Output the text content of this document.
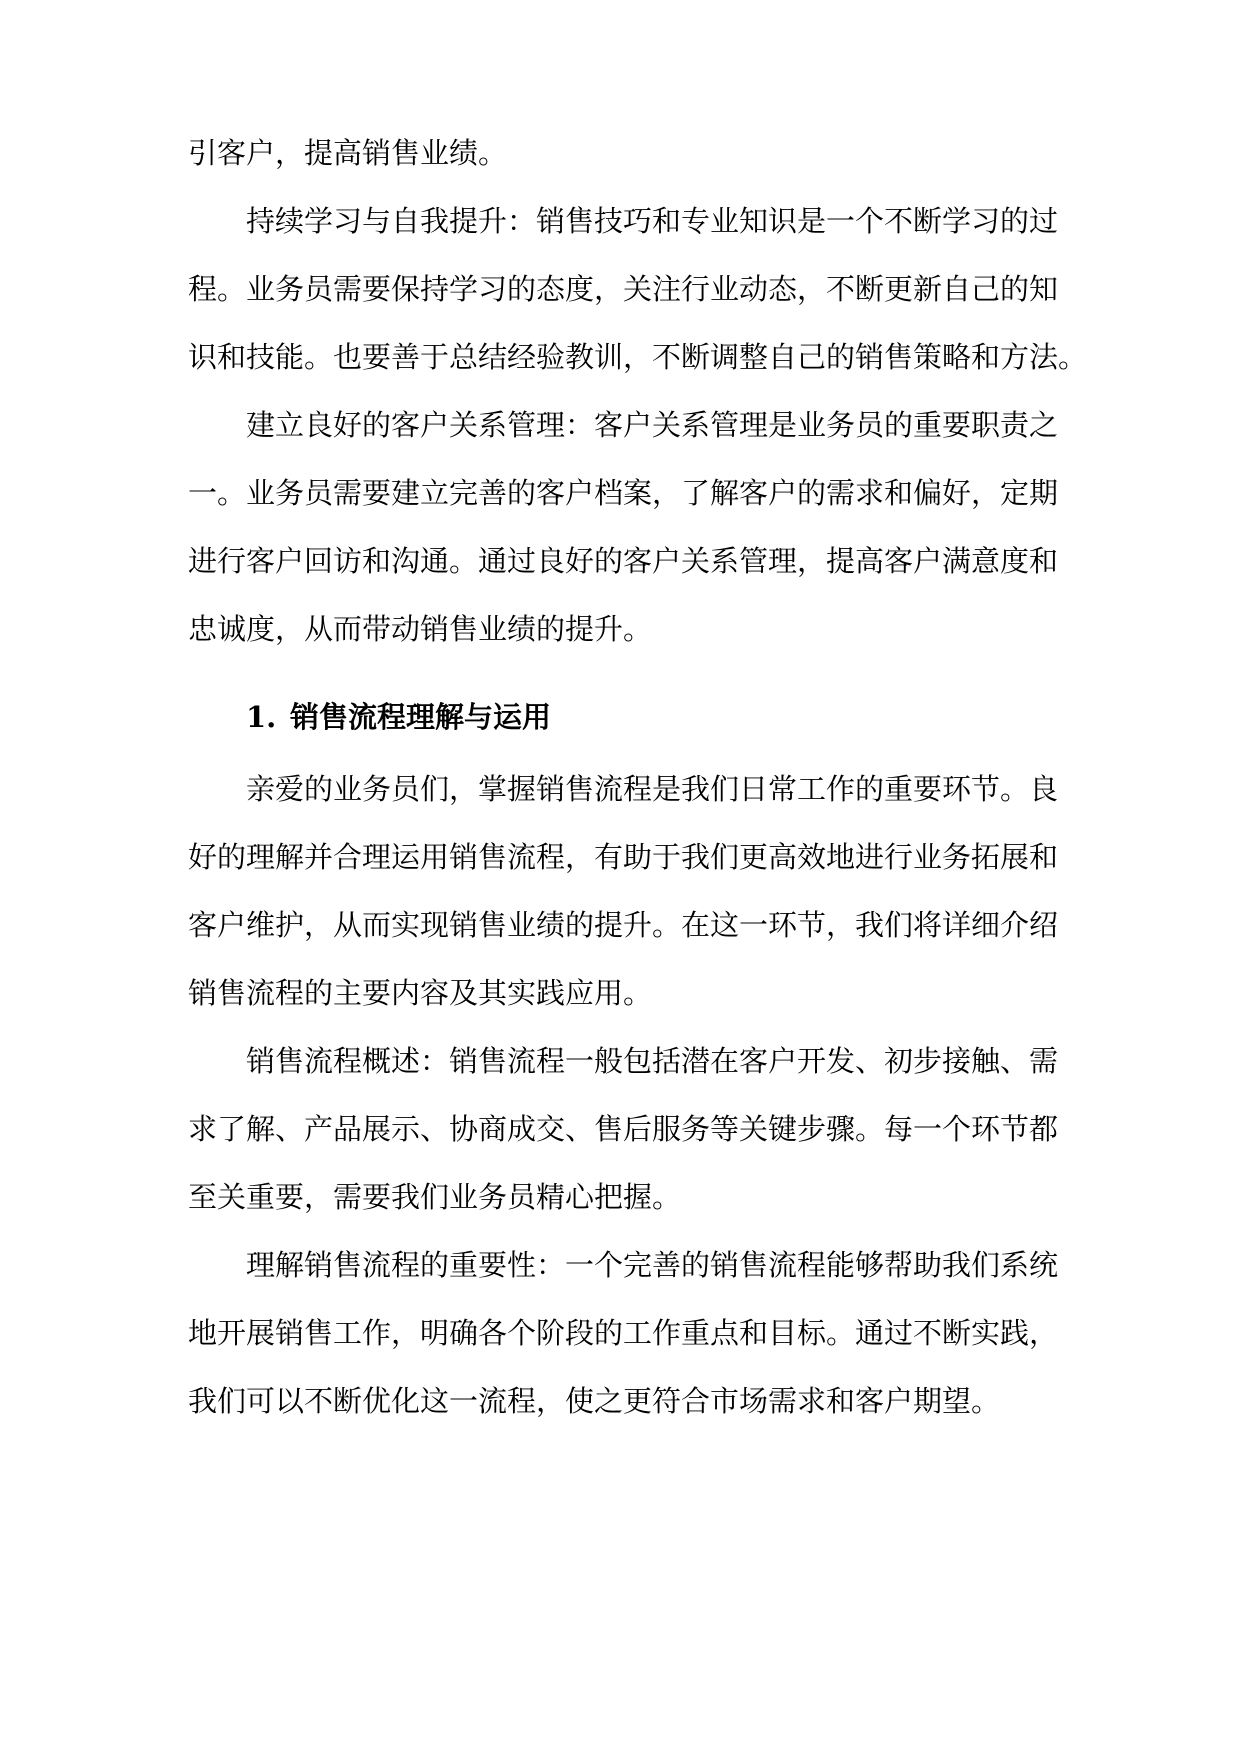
引客户，提高销售业绩。
持续学习与自我提升：销售技巧和专业知识是一个不断学习的过
程。业务员需要保持学习的态度，关注行业动态，不断更新自己的知
识和技能。也要善于总结经验教训，不断调整自己的销售策略和方法。
建立良好的客户关系管理：客户关系管理是业务员的重要职责之
一。业务员需要建立完善的客户档案，了解客户的需求和偏好，定期
进行客户回访和沟通。通过良好的客户关系管理，提高客户满意度和
忠诚度，从而带动销售业绩的提升。
1. 销售流程理解与运用
亲爱的业务员们，掌握销售流程是我们日常工作的重要环节。良
好的理解并合理运用销售流程，有助于我们更高效地进行业务拓展和
客户维护，从而实现销售业绩的提升。在这一环节，我们将详细介绍
销售流程的主要内容及其实践应用。
销售流程概述：销售流程一般包括潜在客户开发、初步接触、需
求了解、产品展示、协商成交、售后服务等关键步骤。每一个环节都
至关重要，需要我们业务员精心把握。
理解销售流程的重要性：一个完善的销售流程能够帮助我们系统
地开展销售工作，明确各个阶段的工作重点和目标。通过不断实践，
我们可以不断优化这一流程，使之更符合市场需求和客户期望。
